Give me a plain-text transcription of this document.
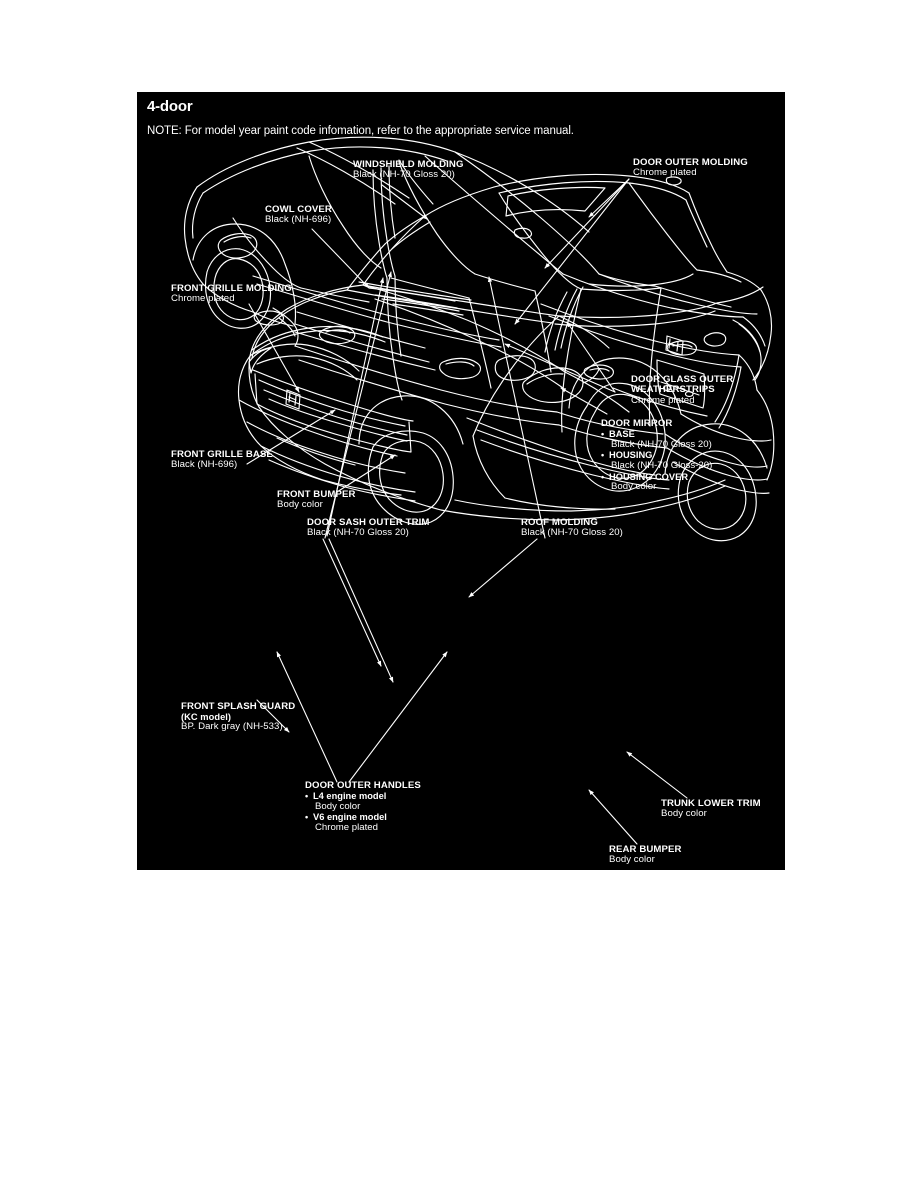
4-door
NOTE: For model year paint code infomation, refer to the appropriate service manual.
WINDSHIELD MOLDING
Black (NH-70 Gloss 20)
DOOR OUTER MOLDING
Chrome plated
COWL COVER
Black (NH-696)
FRONT GRILLE MOLDING
Chrome plated
FRONT GRILLE BASE
Black (NH-696)
FRONT BUMPER
Body color
DOOR GLASS OUTER
WEATHERSTRIPS
Chrome plated
DOOR MIRROR
• BASE
Black (NH-70 Gloss 20)
• HOUSING
Black (NH-70 Gloss-20)
• HOUSING COVER
Body color
DOOR SASH OUTER TRIM
Black (NH-70 Gloss 20)
ROOF MOLDING
Black (NH-70 Gloss 20)
FRONT SPLASH GUARD
(KC model)
BP. Dark gray (NH-533)
DOOR OUTER HANDLES
• L4 engine model
Body color
• V6 engine model
Chrome plated
TRUNK LOWER TRIM
Body color
REAR BUMPER
Body color
